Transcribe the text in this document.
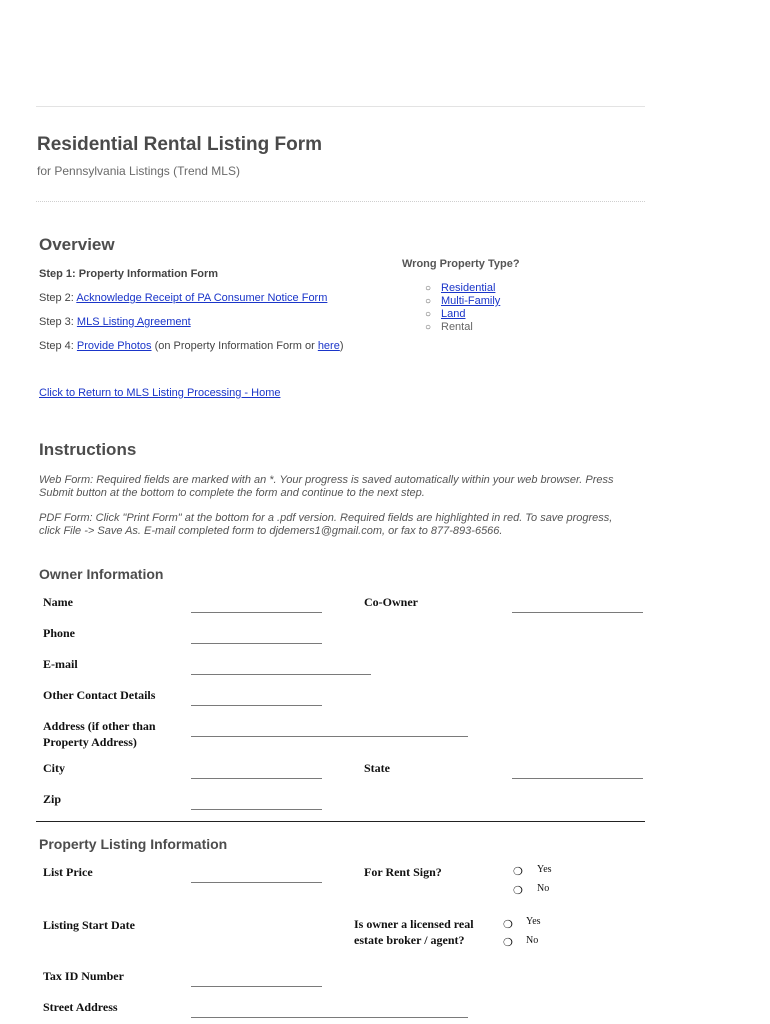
Residential Rental Listing Form
for Pennsylvania Listings (Trend MLS)
Overview
Step 1: Property Information Form
Step 2: Acknowledge Receipt of PA Consumer Notice Form
Step 3: MLS Listing Agreement
Step 4: Provide Photos (on Property Information Form or here)
Click to Return to MLS Listing Processing - Home
Wrong Property Type?
○ Residential
○ Multi-Family
○ Land
○ Rental
Instructions
Web Form: Required fields are marked with an *. Your progress is saved automatically within your web browser. Press Submit button at the bottom to complete the form and continue to the next step.
PDF Form: Click "Print Form" at the bottom for a .pdf version. Required fields are highlighted in red. To save progress, click File -> Save As. E-mail completed form to djdemers1@gmail.com, or fax to 877-893-6566.
Owner Information
Name	Co-Owner
Phone
E-mail
Other Contact Details
Address (if other than Property Address)
City	State
Zip
Property Listing Information
List Price	For Rent Sign?	❍ Yes
❍ No
Listing Start Date	Is owner a licensed real estate broker / agent?
❍ Yes
❍ No
Tax ID Number
Street Address
